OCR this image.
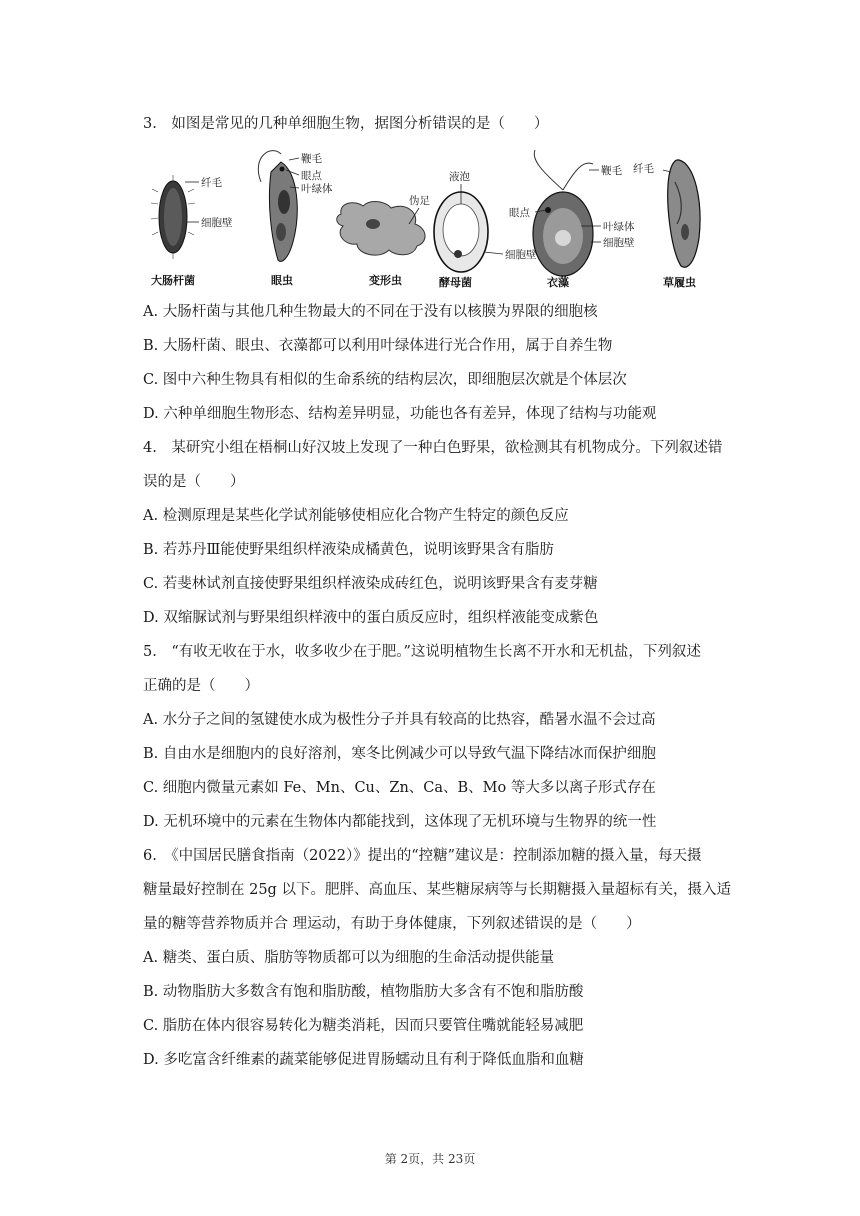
3.　如图是常见的几种单细胞生物，据图分析错误的是（　　）
纤毛
细胞壁
大肠杆菌
鞭毛
眼点
叶绿体
眼虫
伪足
变形虫
液泡
细胞壁
酵母菌
鞭毛
眼点
叶绿体
细胞壁
衣藻
纤毛
草履虫
A. 大肠杆菌与其他几种生物最大的不同在于没有以核膜为界限的细胞核
B. 大肠杆菌、眼虫、衣藻都可以利用叶绿体进行光合作用，属于自养生物
C. 图中六种生物具有相似的生命系统的结构层次，即细胞层次就是个体层次
D. 六种单细胞生物形态、结构差异明显，功能也各有差异，体现了结构与功能观
4.　某研究小组在梧桐山好汉坡上发现了一种白色野果，欲检测其有机物成分。下列叙述错
误的是（　　）
A. 检测原理是某些化学试剂能够使相应化合物产生特定的颜色反应
B. 若苏丹Ⅲ能使野果组织样液染成橘黄色，说明该野果含有脂肪
C. 若斐林试剂直接使野果组织样液染成砖红色，说明该野果含有麦芽糖
D. 双缩脲试剂与野果组织样液中的蛋白质反应时，组织样液能变成紫色
5.　“有收无收在于水，收多收少在于肥。”这说明植物生长离不开水和无机盐，下列叙述
正确的是（　　）
A. 水分子之间的氢键使水成为极性分子并具有较高的比热容，酷暑水温不会过高
B. 自由水是细胞内的良好溶剂，寒冬比例减少可以导致气温下降结冰而保护细胞
C. 细胞内微量元素如 Fe、Mn、Cu、Zn、Ca、B、Mo 等大多以离子形式存在
D. 无机环境中的元素在生物体内都能找到，这体现了无机环境与生物界的统一性
6.　《中国居民膳食指南（2022）》提出的“控糖”建议是：控制添加糖的摄入量，每天摄
糖量最好控制在 25g 以下。肥胖、高血压、某些糖尿病等与长期糖摄入量超标有关，摄入适
量的糖等营养物质并合 理运动，有助于身体健康，下列叙述错误的是（　　）
A. 糖类、蛋白质、脂肪等物质都可以为细胞的生命活动提供能量
B. 动物脂肪大多数含有饱和脂肪酸，植物脂肪大多含有不饱和脂肪酸
C. 脂肪在体内很容易转化为糖类消耗，因而只要管住嘴就能轻易减肥
D. 多吃富含纤维素的蔬菜能够促进胃肠蠕动且有利于降低血脂和血糖
第 2页，共 23页
